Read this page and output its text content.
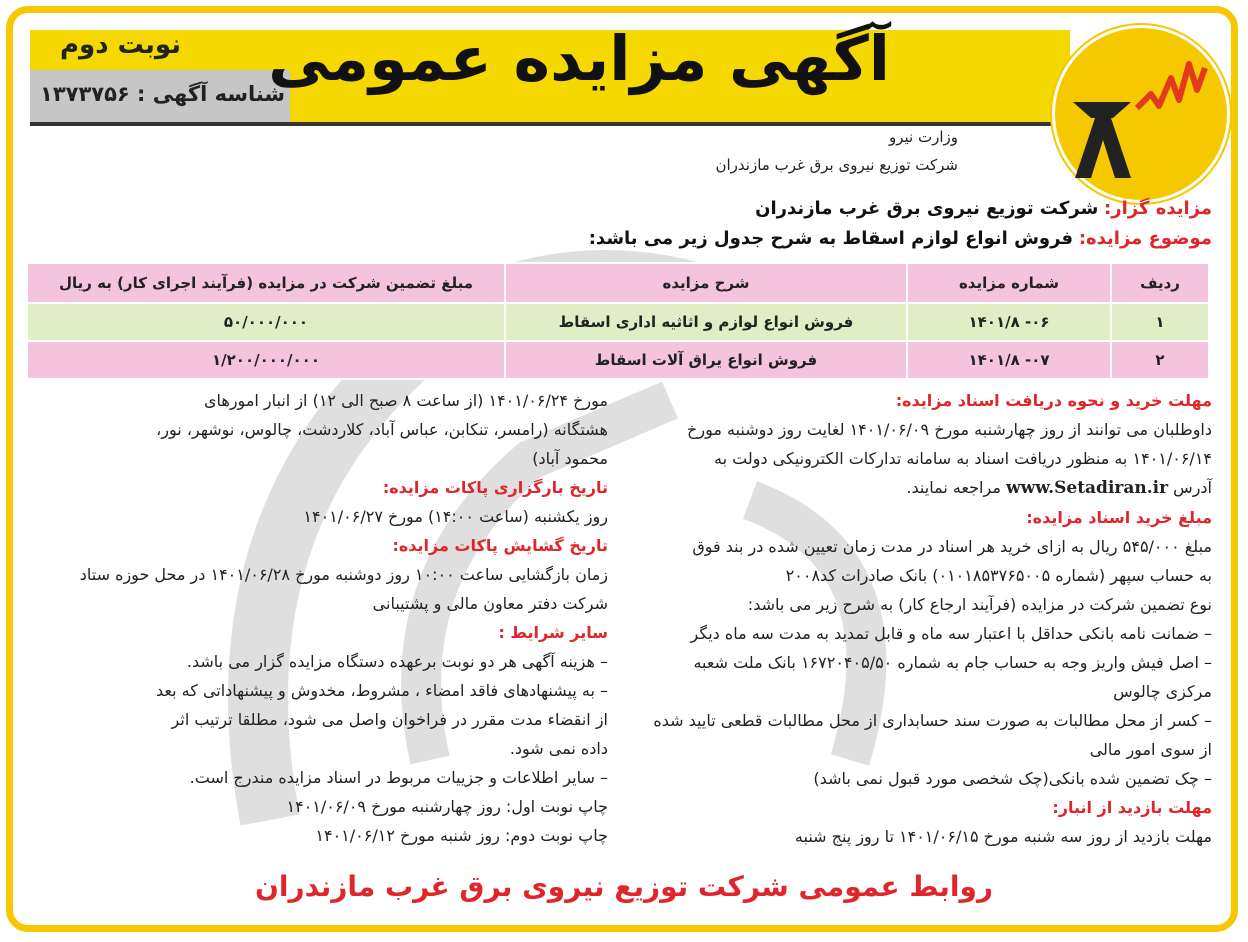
آگهی مزایده عمومی
نوبت دوم
شناسه آگهی : ۱۳۷۳۷۵۶
وزارت نیرو
شرکت توزیع نیروی برق غرب مازندران
مزایده گزار: شرکت توزیع نیروی برق غرب مازندران
موضوع مزایده: فروش انواع لوازم اسقاط به شرح جدول زیر می باشد:
ردیف	شماره مزایده	شرح مزایده	مبلغ تضمین شرکت در مزایده (فرآیند اجرای کار) به ریال
۱	۰۶- ۱۴۰۱/۸	فروش انواع لوازم و اثاثیه اداری اسقاط	۵۰/۰۰۰/۰۰۰
۲	۰۷- ۱۴۰۱/۸	فروش انواع یراق آلات اسقاط	۱/۲۰۰/۰۰۰/۰۰۰

مهلت خرید و نحوه دریافت اسناد مزایده:

داوطلبان می توانند از روز چهارشنبه مورخ ۱۴۰۱/۰۶/۰۹ لغایت روز دوشنبه مورخ

۱۴۰۱/۰۶/۱۴ به منظور دریافت اسناد به سامانه تدارکات الکترونیکی دولت به

آدرس www.Setadiran.ir مراجعه نمایند.

مبلغ خرید اسناد مزایده:

مبلغ ۵۴۵/۰۰۰ ریال به ازای خرید هر اسناد در مدت زمان تعیین شده در بند فوق

به حساب سپهر (شماره ۰۱۰۱۸۵۳۷۶۵۰۰۵) بانک صادرات کد۲۰۰۸

نوع تضمین شرکت در مزایده (فرآیند ارجاع کار) به شرح زیر می باشد:

– ضمانت نامه بانکی حداقل با اعتبار سه ماه و قابل تمدید به مدت سه ماه دیگر

– اصل فیش واریز وجه به حساب جام به شماره ۱۶۷۲۰۴۰۵/۵۰ بانک ملت شعبه

مرکزی چالوس

– کسر از محل مطالبات به صورت سند حسابداری از محل مطالبات قطعی تایید شده

از سوی امور مالی

– چک تضمین شده بانکی(چک شخصی مورد قبول نمی باشد)

مهلت بازدید از انبار:

مهلت بازدید از روز سه شنبه مورخ ۱۴۰۱/۰۶/۱۵ تا روز پنج شنبه

مورخ ۱۴۰۱/۰۶/۲۴ (از ساعت ۸ صبح الی ۱۲) از انبار امورهای

هشتگانه (رامسر، تنکابن، عباس آباد، کلاردشت، چالوس، نوشهر، نور،

محمود آباد)

تاریخ بارگزاری پاکات مزایده:

روز یکشنبه (ساعت ۱۴:۰۰) مورخ ۱۴۰۱/۰۶/۲۷

تاریخ گشایش پاکات مزایده:

زمان بازگشایی ساعت ۱۰:۰۰ روز دوشنبه مورخ ۱۴۰۱/۰۶/۲۸ در محل حوزه ستاد

شرکت دفتر معاون مالی و پشتیبانی

سایر شرایط :

– هزینه آگهی هر دو نوبت برعهده دستگاه مزایده گزار می باشد.

– به پیشنهادهای فاقد امضاء ، مشروط، مخدوش و پیشنهاداتی که بعد

از انقضاء مدت مقرر در فراخوان واصل می شود، مطلقا ترتیب اثر

داده نمی شود.

– سایر اطلاعات و جزییات مربوط در اسناد مزایده مندرج است.

چاپ نوبت اول: روز چهارشنبه مورخ ۱۴۰۱/۰۶/۰۹

چاپ نوبت دوم: روز شنبه مورخ ۱۴۰۱/۰۶/۱۲

روابط عمومی شرکت توزیع نیروی برق غرب مازندران
